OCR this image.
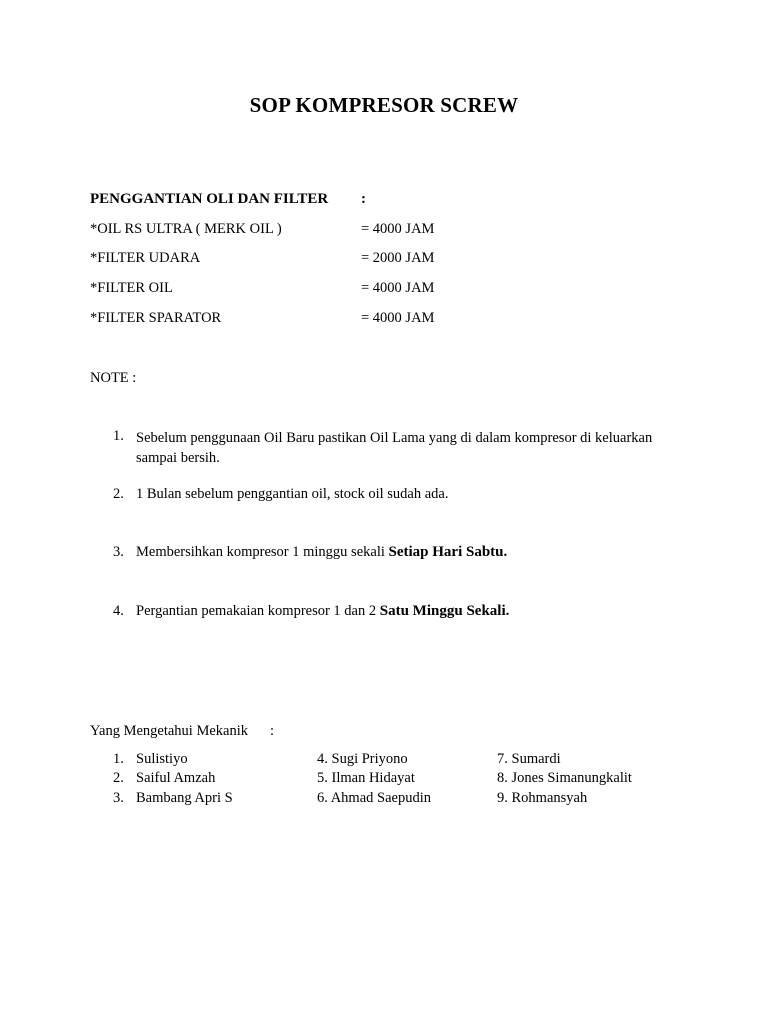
SOP KOMPRESOR SCREW
PENGGANTIAN OLI DAN FILTER :
*OIL RS ULTRA ( MERK OIL )	= 4000 JAM
*FILTER UDARA	= 2000 JAM
*FILTER OIL	= 4000 JAM
*FILTER SPARATOR	= 4000 JAM
NOTE :
1. Sebelum penggunaan Oil Baru pastikan Oil Lama yang di dalam kompresor di keluarkan sampai bersih.
2. 1 Bulan sebelum penggantian oil, stock oil sudah ada.
3. Membersihkan kompresor 1 minggu sekali Setiap Hari Sabtu.
4. Pergantian pemakaian kompresor 1 dan 2 Satu Minggu Sekali.
Yang Mengetahui Mekanik :
1. Sulistiyo	4. Sugi Priyono	7. Sumardi
2. Saiful Amzah	5. Ilman Hidayat	8. Jones Simanungkalit
3. Bambang Apri S	6. Ahmad Saepudin	9. Rohmansyah
